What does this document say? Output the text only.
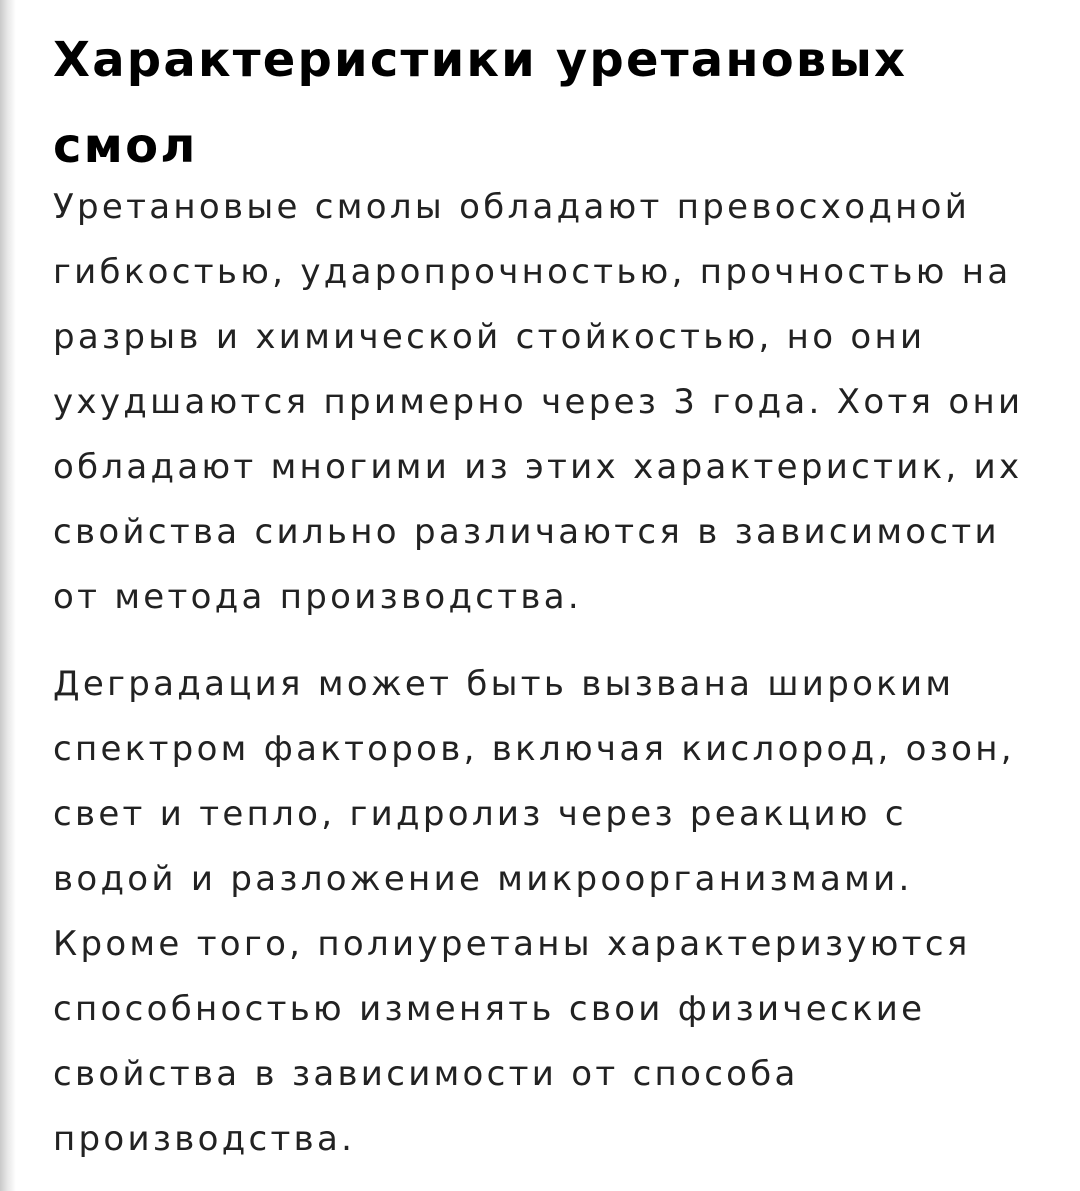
Характеристики уретановых смол

Уретановые смолы обладают превосходной гибкостью, ударопрочностью, прочностью на разрыв и химической стойкостью, но они ухудшаются примерно через 3 года. Хотя они обладают многими из этих характеристик, их свойства сильно различаются в зависимости от метода производства.

Деградация может быть вызвана широким спектром факторов, включая кислород, озон, свет и тепло, гидролиз через реакцию с водой и разложение микроорганизмами. Кроме того, полиуретаны характеризуются способностью изменять свои физические свойства в зависимости от способа производства.
